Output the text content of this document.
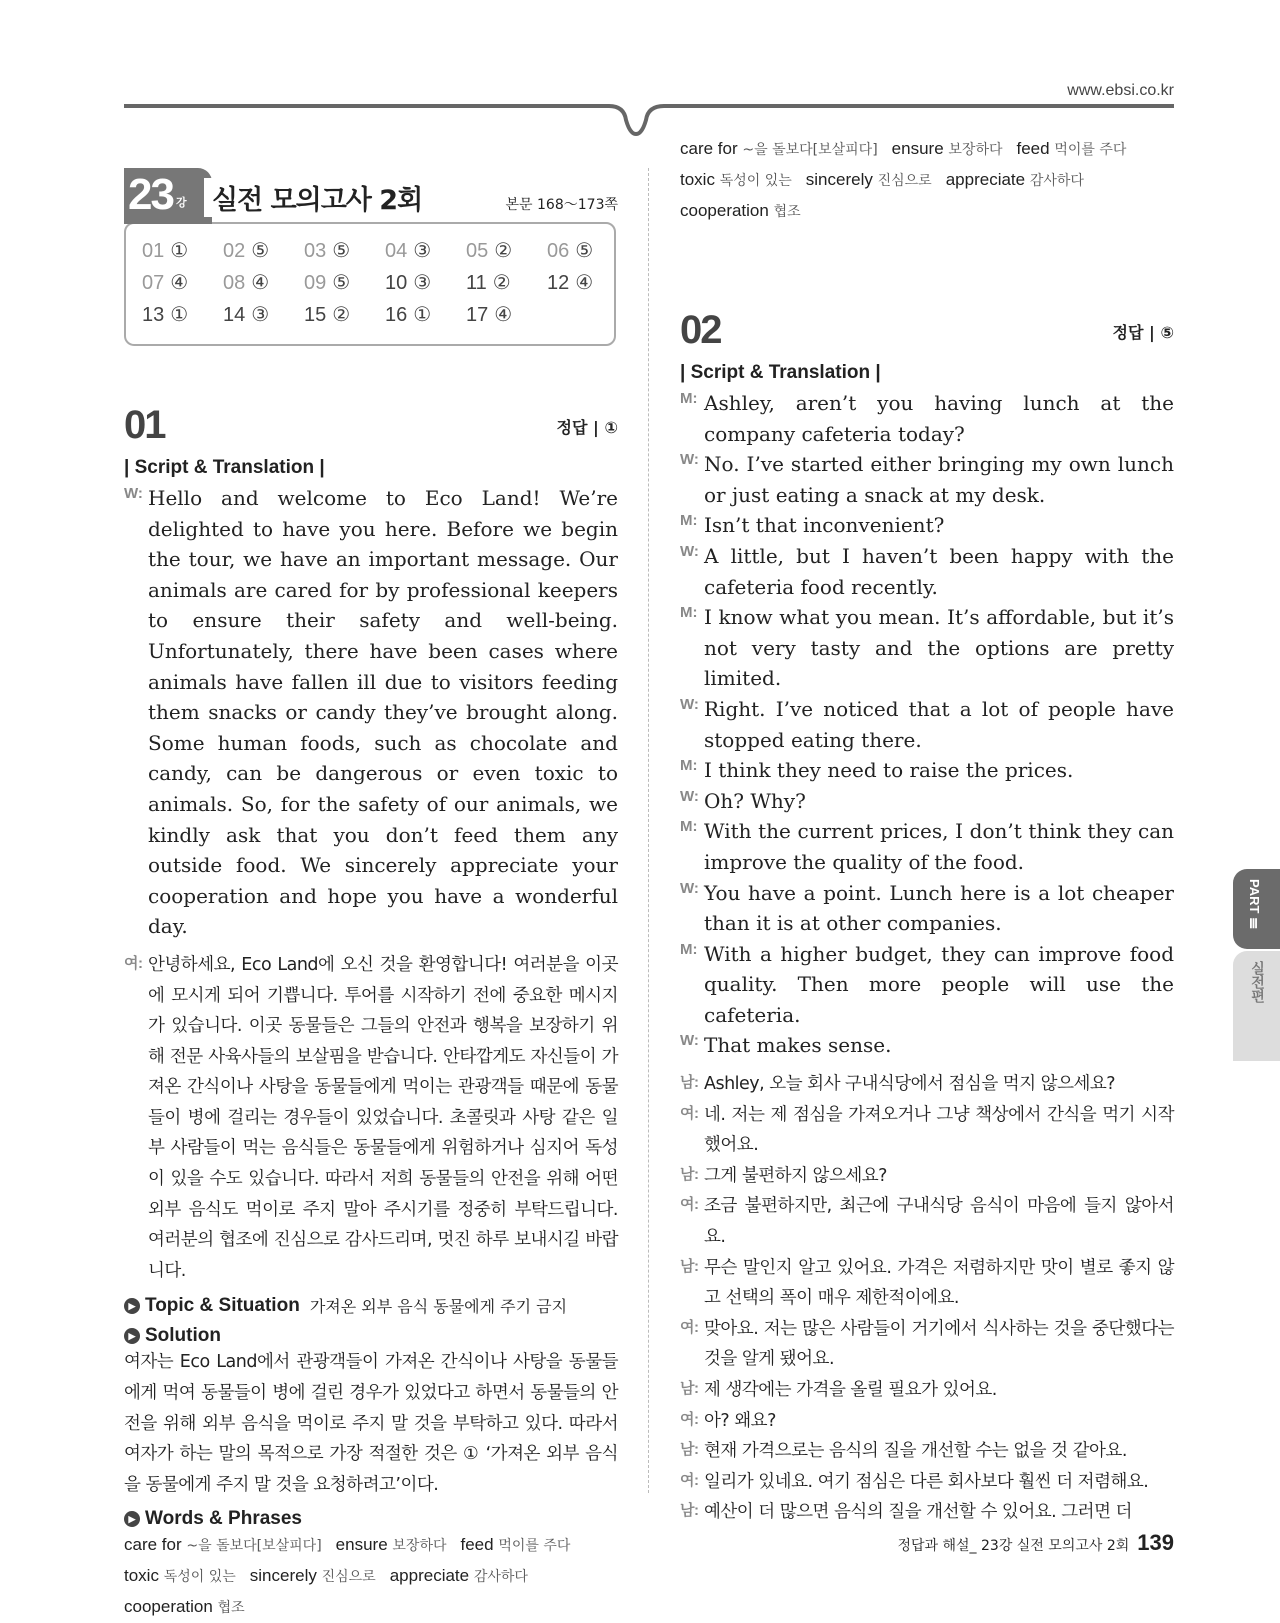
www.ebsi.co.kr
01 ① 02 ⑤ 03 ⑤ 04 ③ 05 ② 06 ⑤
07 ④ 08 ④ 09 ⑤ 10 ③ 11 ② 12 ④
13 ① 14 ③ 15 ② 16 ① 17 ④
23 강 실전 모의고사 2회	본문 168～173쪽
01	정답 | ①
| Script & Translation |
W: Hello and welcome to Eco Land! We’re delighted to have you here. Before we begin the tour, we have an important message. Our animals are cared for by professional keepers to ensure their safety and well-being. Unfortunately, there have been cases where animals have fallen ill due to visitors feeding them snacks or candy they’ve brought along. Some human foods, such as chocolate and candy, can be dangerous or even toxic to animals. So, for the safety of our animals, we kindly ask that you don’t feed them any outside food. We sincerely appreciate your cooperation and hope you have a wonderful day.
여: 안녕하세요, Eco Land에 오신 것을 환영합니다! 여러분을 이곳에 모시게 되어 기쁩니다. 투어를 시작하기 전에 중요한 메시지가 있습니다. 이곳 동물들은 그들의 안전과 행복을 보장하기 위해 전문 사육사들의 보살핌을 받습니다. 안타깝게도 자신들이 가져온 간식이나 사탕을 동물들에게 먹이는 관광객들 때문에 동물들이 병에 걸리는 경우들이 있었습니다. 초콜릿과 사탕 같은 일부 사람들이 먹는 음식들은 동물들에게 위험하거나 심지어 독성이 있을 수도 있습니다. 따라서 저희 동물들의 안전을 위해 어떤 외부 음식도 먹이로 주지 말아 주시기를 정중히 부탁드립니다. 여러분의 협조에 진심으로 감사드리며, 멋진 하루 보내시길 바랍니다.
▶ Topic & Situation 가져온 외부 음식 동물에게 주기 금지
▶ Solution
여자는 Eco Land에서 관광객들이 가져온 간식이나 사탕을 동물들에게 먹여 동물들이 병에 걸린 경우가 있었다고 하면서 동물들의 안전을 위해 외부 음식을 먹이로 주지 말 것을 부탁하고 있다. 따라서 여자가 하는 말의 목적으로 가장 적절한 것은 ① ‘가져온 외부 음식을 동물에게 주지 말 것을 요청하려고’이다.
▶ Words & Phrases
care for ~을 돌보다[보살피다] ensure 보장하다 feed 먹이를 주다toxic 독성이 있는 sincerely 진심으로 appreciate 감사하다cooperation 협조
care for ~을 돌보다[보살피다] ensure 보장하다 feed 먹이를 주다toxic 독성이 있는 sincerely 진심으로 appreciate 감사하다cooperation 협조
02	정답 | ⑤
| Script & Translation |
M: Ashley, aren’t you having lunch at the company cafeteria today?
W: No. I’ve started either bringing my own lunch or just eating a snack at my desk.
M: Isn’t that inconvenient?
W: A little, but I haven’t been happy with the cafeteria food recently.
M: I know what you mean. It’s affordable, but it’s not very tasty and the options are pretty limited.
W: Right. I’ve noticed that a lot of people have stopped eating there.
M: I think they need to raise the prices.
W: Oh? Why?
M: With the current prices, I don’t think they can improve the quality of the food.
W: You have a point. Lunch here is a lot cheaper than it is at other companies.
M: With a higher budget, they can improve food quality. Then more people will use the cafeteria.
W: That makes sense.
남: Ashley, 오늘 회사 구내식당에서 점심을 먹지 않으세요?
여: 네. 저는 제 점심을 가져오거나 그냥 책상에서 간식을 먹기 시작했어요.
남: 그게 불편하지 않으세요?
여: 조금 불편하지만, 최근에 구내식당 음식이 마음에 들지 않아서요.
남: 무슨 말인지 알고 있어요. 가격은 저렴하지만 맛이 별로 좋지 않고 선택의 폭이 매우 제한적이에요.
여: 맞아요. 저는 많은 사람들이 거기에서 식사하는 것을 중단했다는 것을 알게 됐어요.
남: 제 생각에는 가격을 올릴 필요가 있어요.
여: 아? 왜요?
남: 현재 가격으로는 음식의 질을 개선할 수는 없을 것 같아요.
여: 일리가 있네요. 여기 점심은 다른 회사보다 훨씬 더 저렴해요.
남: 예산이 더 많으면 음식의 질을 개선할 수 있어요. 그러면 더
PART Ⅲ
실전편
정답과 해설_ 23강 실전 모의고사 2회 139
